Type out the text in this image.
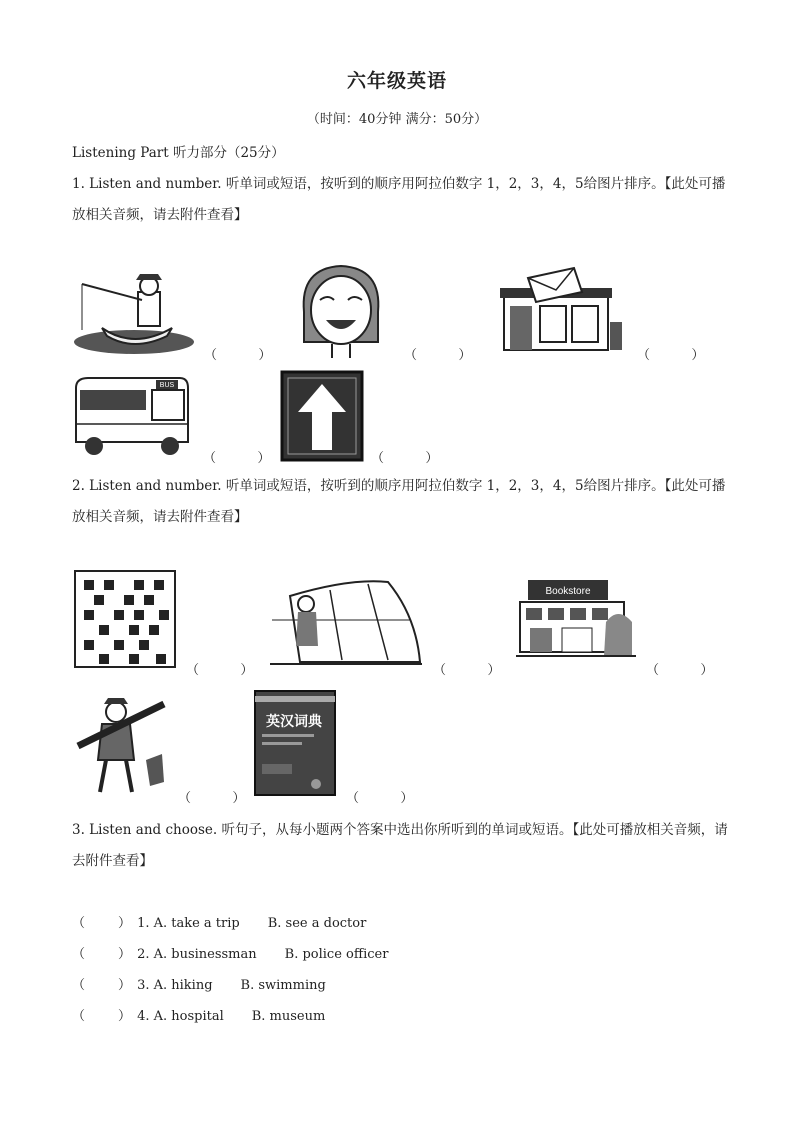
六年级英语
（时间：40分钟 满分：50分）
Listening Part 听力部分（25分）
1. Listen and number. 听单词或短语，按听到的顺序用阿拉伯数字 1，2，3，4，5给图片排序。【此处可播
放相关音频，请去附件查看】
（          ）	（          ）	（          ）
BUS
（          ）	（          ）
2. Listen and number. 听单词或短语，按听到的顺序用阿拉伯数字 1，2，3，4，5给图片排序。【此处可播
放相关音频，请去附件查看】
（          ）	（          ）
Bookstore
（          ）
（          ）
英汉词典
（          ）
3. Listen and choose. 听句子，从每小题两个答案中选出你所听到的单词或短语。【此处可播放相关音频，请
去附件查看】
（        ） 1. A. take a trip B. see a doctor
（        ） 2. A. businessman B. police officer
（        ） 3. A. hiking B. swimming
（        ） 4. A. hospital B. museum
